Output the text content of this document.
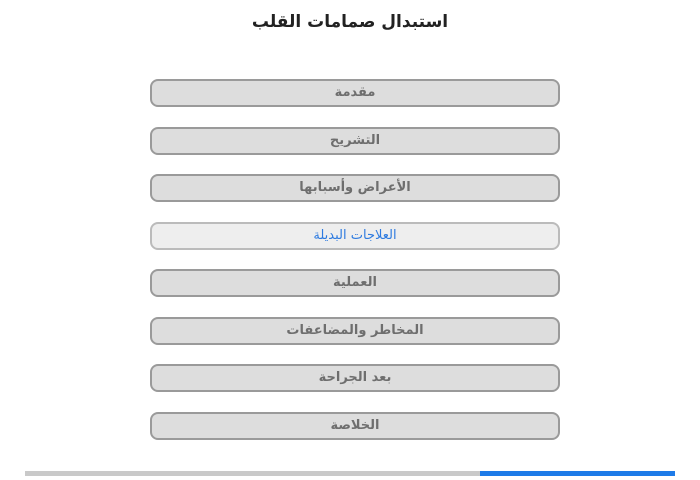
استبدال صمامات القلب
مقدمة
التشريح
الأعراض وأسبابها
العلاجات البديلة
العملية
المخاطر والمضاعفات
بعد الجراحة
الخلاصة
